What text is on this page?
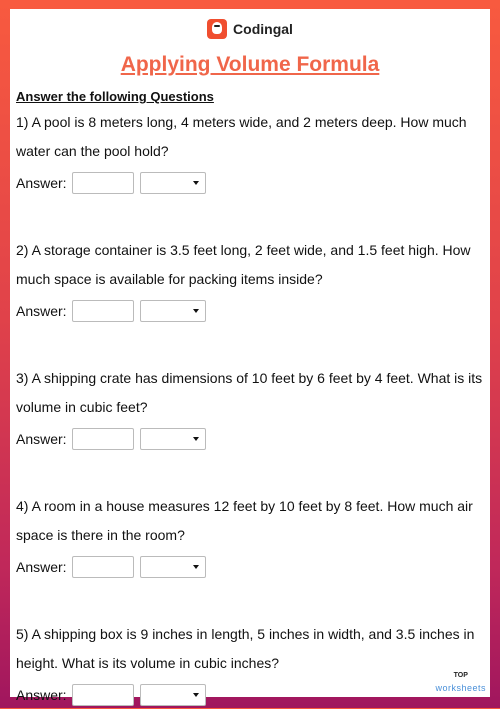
Codingal
Applying Volume Formula
Answer the following Questions
1) A pool is 8 meters long, 4 meters wide, and 2 meters deep. How much water can the pool hold?
Answer:
2) A storage container is 3.5 feet long, 2 feet wide, and 1.5 feet high. How much space is available for packing items inside?
Answer:
3) A shipping crate has dimensions of 10 feet by 6 feet by 4 feet. What is its volume in cubic feet?
Answer:
4) A room in a house measures 12 feet by 10 feet by 8 feet. How much air space is there in the room?
Answer:
5) A shipping box is 9 inches in length, 5 inches in width, and 3.5 inches in height. What is its volume in cubic inches?
Answer:
TOP
worksheets
